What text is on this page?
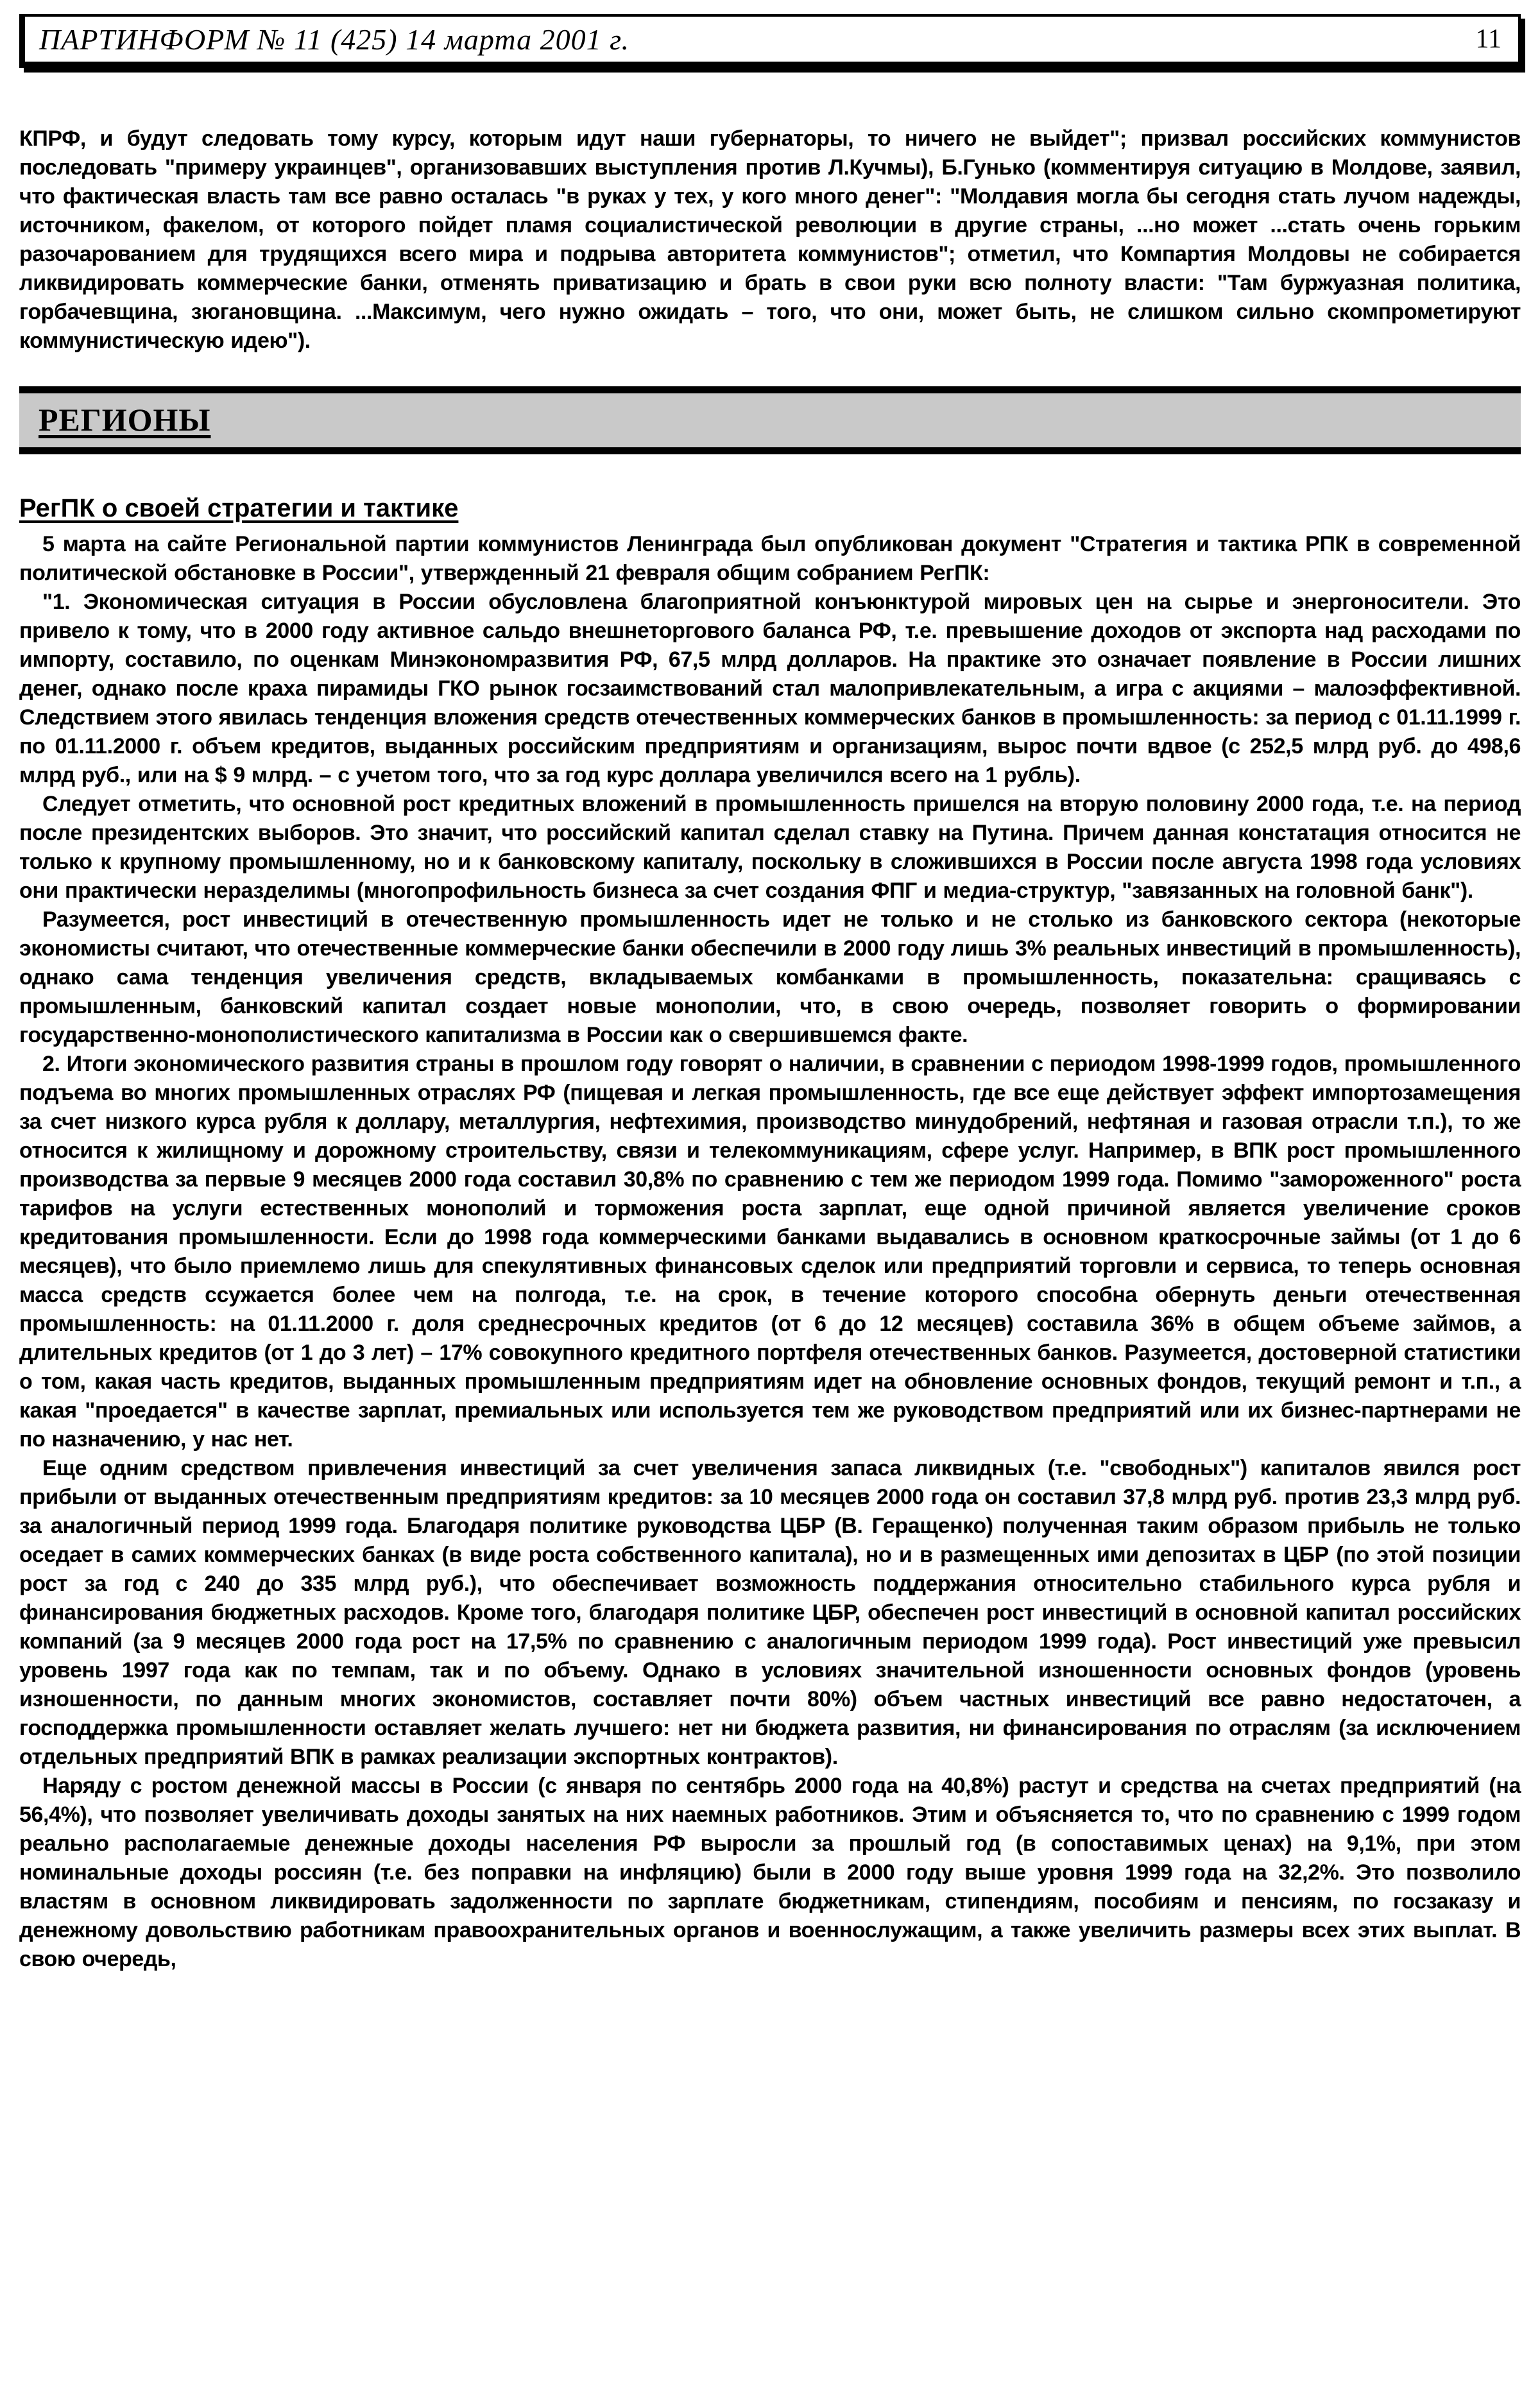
ПАРТИНФОРМ № 11 (425) 14 марта 2001 г.	11

КПРФ, и будут следовать тому курсу, которым идут наши губернаторы, то ничего не выйдет"; призвал российских коммунистов последовать "примеру украинцев", организовавших выступления против Л.Кучмы), Б.Гунько (комментируя ситуацию в Молдове, заявил, что фактическая власть там все равно осталась "в руках у тех, у кого много денег": "Молдавия могла бы сегодня стать лучом надежды, источником, факелом, от которого пойдет пламя социалистической революции в другие страны, ...но может ...стать очень горьким разочарованием для трудящихся всего мира и подрыва авторитета коммунистов"; отметил, что Компартия Молдовы не собирается ликвидировать коммерческие банки, отменять приватизацию и брать в свои руки всю полноту власти: "Там буржуазная политика, горбачевщина, зюгановщина. ...Максимум, чего нужно ожидать – того, что они, может быть, не слишком сильно скомпрометируют коммунистическую идею").

РЕГИОНЫ
РегПК о своей стратегии и тактике

5 марта на сайте Региональной партии коммунистов Ленинграда был опубликован документ "Стратегия и тактика РПК в современной политической обстановке в России", утвержденный 21 февраля общим собранием РегПК:

"1. Экономическая ситуация в России обусловлена благоприятной конъюнктурой мировых цен на сырье и энергоносители. Это привело к тому, что в 2000 году активное сальдо внешнеторгового баланса РФ, т.е. превышение доходов от экспорта над расходами по импорту, составило, по оценкам Минэкономразвития РФ, 67,5 млрд долларов. На практике это означает появление в России лишних денег, однако после краха пирамиды ГКО рынок госзаимствований стал малопривлекательным, а игра с акциями – малоэффективной. Следствием этого явилась тенденция вложения средств отечественных коммерческих банков в промышленность: за период с 01.11.1999 г. по 01.11.2000 г. объем кредитов, выданных российским предприятиям и организациям, вырос почти вдвое (с 252,5 млрд руб. до 498,6 млрд руб., или на $ 9 млрд. – с учетом того, что за год курс доллара увеличился всего на 1 рубль).

Следует отметить, что основной рост кредитных вложений в промышленность пришелся на вторую половину 2000 года, т.е. на период после президентских выборов. Это значит, что российский капитал сделал ставку на Путина. Причем данная констатация относится не только к крупному промышленному, но и к банковскому капиталу, поскольку в сложившихся в России после августа 1998 года условиях они практически неразделимы (многопрофильность бизнеса за счет создания ФПГ и медиа-структур, "завязанных на головной банк").

Разумеется, рост инвестиций в отечественную промышленность идет не только и не столько из банковского сектора (некоторые экономисты считают, что отечественные коммерческие банки обеспечили в 2000 году лишь 3% реальных инвестиций в промышленность), однако сама тенденция увеличения средств, вкладываемых комбанками в промышленность, показательна: сращиваясь с промышленным, банковский капитал создает новые монополии, что, в свою очередь, позволяет говорить о формировании государственно-монополистического капитализма в России как о свершившемся факте.

2. Итоги экономического развития страны в прошлом году говорят о наличии, в сравнении с периодом 1998-1999 годов, промышленного подъема во многих промышленных отраслях РФ (пищевая и легкая промышленность, где все еще действует эффект импортозамещения за счет низкого курса рубля к доллару, металлургия, нефтехимия, производство минудобрений, нефтяная и газовая отрасли т.п.), то же относится к жилищному и дорожному строительству, связи и телекоммуникациям, сфере услуг. Например, в ВПК рост промышленного производства за первые 9 месяцев 2000 года составил 30,8% по сравнению с тем же периодом 1999 года. Помимо "замороженного" роста тарифов на услуги естественных монополий и торможения роста зарплат, еще одной причиной является увеличение сроков кредитования промышленности. Если до 1998 года коммерческими банками выдавались в основном краткосрочные займы (от 1 до 6 месяцев), что было приемлемо лишь для спекулятивных финансовых сделок или предприятий торговли и сервиса, то теперь основная масса средств ссужается более чем на полгода, т.е. на срок, в течение которого способна обернуть деньги отечественная промышленность: на 01.11.2000 г. доля среднесрочных кредитов (от 6 до 12 месяцев) составила 36% в общем объеме займов, а длительных кредитов (от 1 до 3 лет) – 17% совокупного кредитного портфеля отечественных банков. Разумеется, достоверной статистики о том, какая часть кредитов, выданных промышленным предприятиям идет на обновление основных фондов, текущий ремонт и т.п., а какая "проедается" в качестве зарплат, премиальных или используется тем же руководством предприятий или их бизнес-партнерами не по назначению, у нас нет.

Еще одним средством привлечения инвестиций за счет увеличения запаса ликвидных (т.е. "свободных") капиталов явился рост прибыли от выданных отечественным предприятиям кредитов: за 10 месяцев 2000 года он составил 37,8 млрд руб. против 23,3 млрд руб. за аналогичный период 1999 года. Благодаря политике руководства ЦБР (В. Геращенко) полученная таким образом прибыль не только оседает в самих коммерческих банках (в виде роста собственного капитала), но и в размещенных ими депозитах в ЦБР (по этой позиции рост за год с 240 до 335 млрд руб.), что обеспечивает возможность поддержания относительно стабильного курса рубля и финансирования бюджетных расходов. Кроме того, благодаря политике ЦБР, обеспечен рост инвестиций в основной капитал российских компаний (за 9 месяцев 2000 года рост на 17,5% по сравнению с аналогичным периодом 1999 года). Рост инвестиций уже превысил уровень 1997 года как по темпам, так и по объему. Однако в условиях значительной изношенности основных фондов (уровень изношенности, по данным многих экономистов, составляет почти 80%) объем частных инвестиций все равно недостаточен, а господдержка промышленности оставляет желать лучшего: нет ни бюджета развития, ни финансирования по отраслям (за исключением отдельных предприятий ВПК в рамках реализации экспортных контрактов).

Наряду с ростом денежной массы в России (с января по сентябрь 2000 года на 40,8%) растут и средства на счетах предприятий (на 56,4%), что позволяет увеличивать доходы занятых на них наемных работников. Этим и объясняется то, что по сравнению с 1999 годом реально располагаемые денежные доходы населения РФ выросли за прошлый год (в сопоставимых ценах) на 9,1%, при этом номинальные доходы россиян (т.е. без поправки на инфляцию) были в 2000 году выше уровня 1999 года на 32,2%. Это позволило властям в основном ликвидировать задолженности по зарплате бюджетникам, стипендиям, пособиям и пенсиям, по госзаказу и денежному довольствию работникам правоохранительных органов и военнослужащим, а также увеличить размеры всех этих выплат. В свою очередь,
